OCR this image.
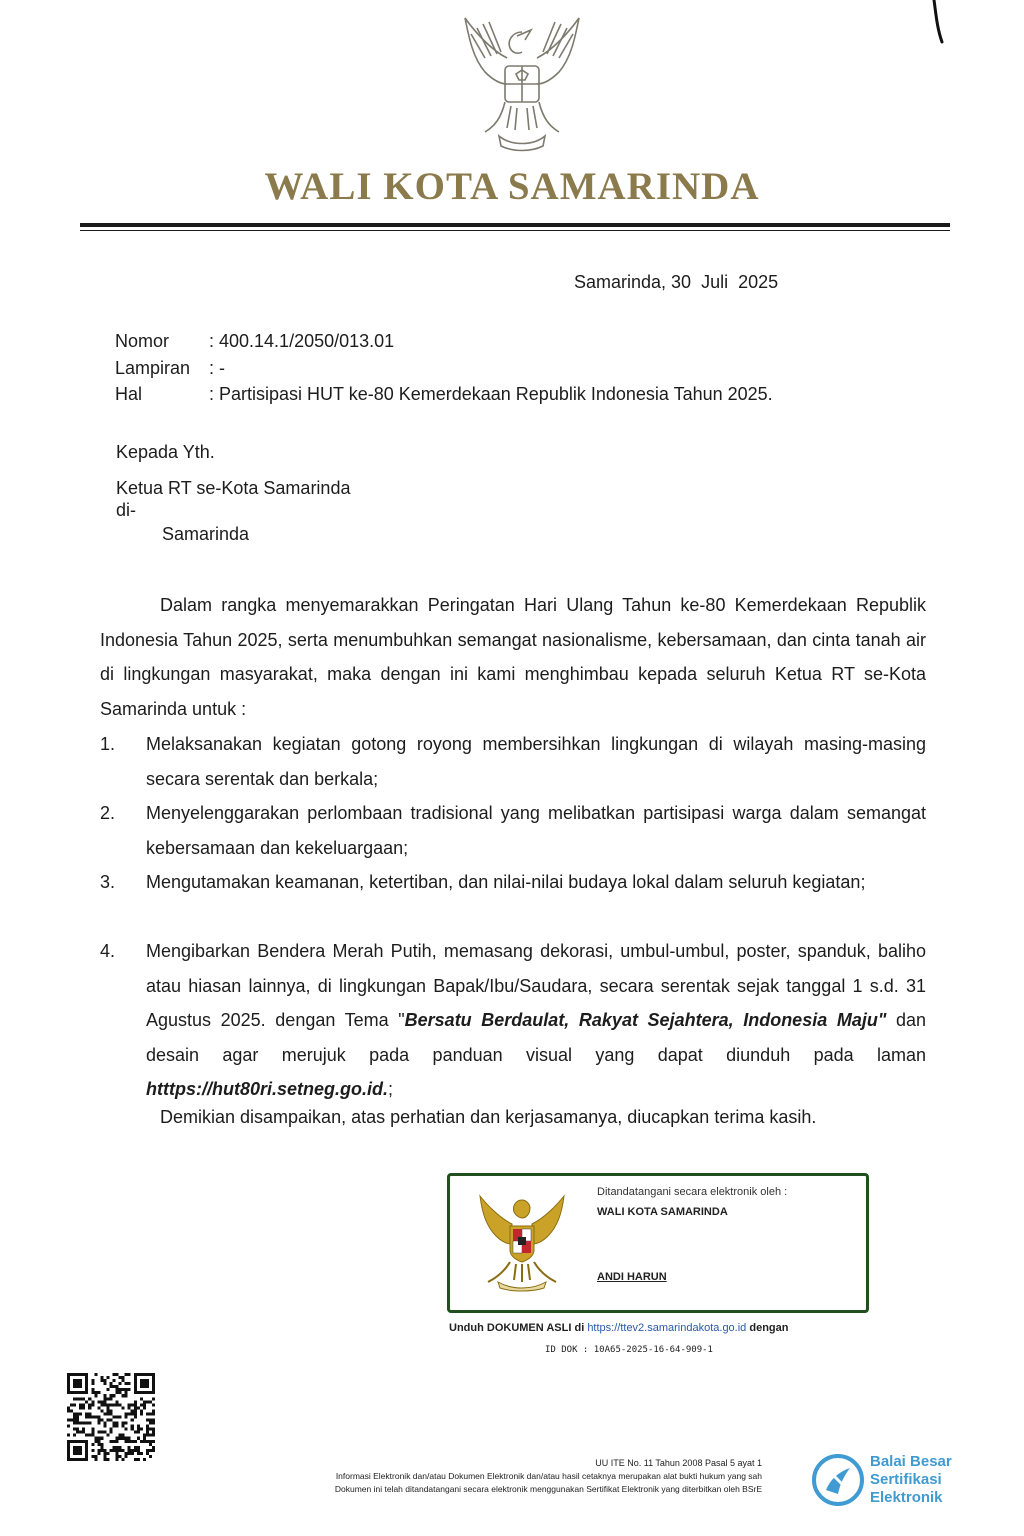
WALI KOTA SAMARINDA
Samarinda, 30  Juli  2025
Nomor : 400.14.1/2050/013.01
Lampiran : -
Hal	: Partisipasi HUT ke-80 Kemerdekaan Republik Indonesia Tahun 2025.
Kepada Yth.
Ketua RT se-Kota Samarinda
di-
Samarinda
Dalam rangka menyemarakkan Peringatan Hari Ulang Tahun ke-80 Kemerdekaan Republik Indonesia Tahun 2025, serta menumbuhkan semangat nasionalisme, kebersamaan, dan cinta tanah air di lingkungan masyarakat, maka dengan ini kami menghimbau kepada seluruh Ketua RT se-Kota Samarinda untuk :
1. Melaksanakan kegiatan gotong royong membersihkan lingkungan di wilayah masing-masing secara serentak dan berkala;
2. Menyelenggarakan perlombaan tradisional yang melibatkan partisipasi warga dalam semangat kebersamaan dan kekeluargaan;
3. Mengutamakan keamanan, ketertiban, dan nilai-nilai budaya lokal dalam seluruh kegiatan;
4. Mengibarkan Bendera Merah Putih, memasang dekorasi, umbul-umbul, poster, spanduk, baliho atau hiasan lainnya, di lingkungan Bapak/Ibu/Saudara, secara serentak sejak tanggal 1 s.d. 31 Agustus 2025. dengan Tema "Bersatu Berdaulat, Rakyat Sejahtera, Indonesia Maju" dan desain agar merujuk pada panduan visual yang dapat diunduh pada laman htttps://hut80ri.setneg.go.id.;
Demikian disampaikan, atas perhatian dan kerjasamanya, diucapkan terima kasih.
Ditandatangani secara elektronik oleh :
WALI KOTA SAMARINDA
ANDI HARUN
Unduh DOKUMEN ASLI di https://ttev2.samarindakota.go.id dengan
ID DOK : 10A65-2025-16-64-909-1
UU ITE No. 11 Tahun 2008 Pasal 5 ayat 1
Informasi Elektronik dan/atau Dokumen Elektronik dan/atau hasil cetaknya merupakan alat bukti hukum yang sah
Dokumen ini telah ditandatangani secara elektronik menggunakan Sertifikat Elektronik yang diterbitkan oleh BSrE
Balai Besar
Sertifikasi
Elektronik
